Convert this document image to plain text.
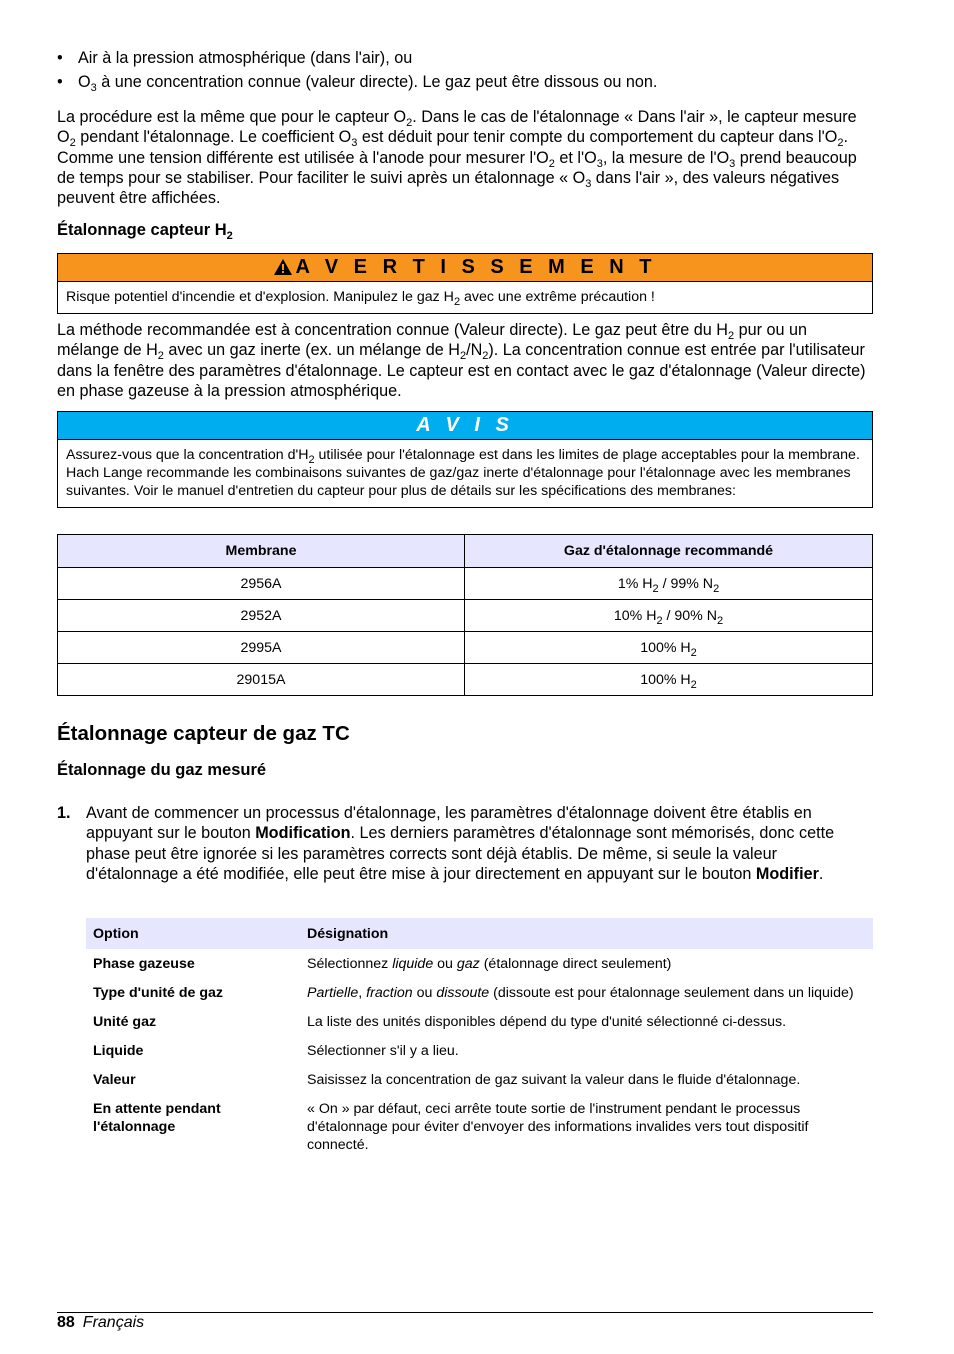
• Air à la pression atmosphérique (dans l'air), ou
• $O_3$ à une concentration connue (valeur directe). Le gaz peut être dissous ou non.
La procédure est la même que pour le capteur $O_2$. Dans le cas de l'étalonnage « Dans l'air », le capteur mesure $O_2$ pendant l'étalonnage. Le coefficient $O_3$ est déduit pour tenir compte du comportement du capteur dans $l'O_2$. Comme une tension différente est utilisée à l'anode pour mesurer $l'O_2$ et $l'O_3$, la mesure de $l'O_3$ prend beaucoup de temps pour se stabiliser. Pour faciliter le suivi après un étalonnage « $O_3$ dans l'air », des valeurs négatives peuvent être affichées.
Étalonnage capteur $H_2$
A V E R T I S S E M E N T
Risque potentiel d'incendie et d'explosion. Manipulez le gaz $H_2$ avec une extrême précaution !
La méthode recommandée est à concentration connue (Valeur directe). Le gaz peut être du $H_2$ pur ou un mélange de $H_2$ avec un gaz inerte (ex. un mélange de $H_2/N_2$). La concentration connue est entrée par l'utilisateur dans la fenêtre des paramètres d'étalonnage. Le capteur est en contact avec le gaz d'étalonnage (Valeur directe) en phase gazeuse à la pression atmosphérique.
A V I S
Assurez-vous que la concentration $d'H_2$ utilisée pour l'étalonnage est dans les limites de plage acceptables pour la membrane. Hach Lange recommande les combinaisons suivantes de gaz/gaz inerte d'étalonnage pour l'étalonnage avec les membranes suivantes. Voir le manuel d'entretien du capteur pour plus de détails sur les spécifications des membranes:
Membrane	Gaz d'étalonnage recommandé
2956A	1% $H_2 / 99\%$ $N_2$
2952A	10% $H_2 / 90\%$ $N_2$
2995A	100% $H_2$
29015A	100% $H_2$
Étalonnage capteur de gaz TC
Étalonnage du gaz mesuré
1. Avant de commencer un processus d'étalonnage, les paramètres d'étalonnage doivent être établis en appuyant sur le bouton Modification. Les derniers paramètres d'étalonnage sont mémorisés, donc cette phase peut être ignorée si les paramètres corrects sont déjà établis. De même, si seule la valeur d'étalonnage a été modifiée, elle peut être mise à jour directement en appuyant sur le bouton Modifier.
Option	Désignation
Phase gazeuse	Sélectionnez liquide ou gaz (étalonnage direct seulement)
Type d'unité de gaz	Partielle, fraction ou dissoute (dissoute est pour étalonnage seulement dans un liquide)
Unité gaz	La liste des unités disponibles dépend du type d'unité sélectionné ci-dessus.
Liquide	Sélectionner s'il y a lieu.
Valeur	Saisissez la concentration de gaz suivant la valeur dans le fluide d'étalonnage.
En attente pendant l'étalonnage	« On » par défaut, ceci arrête toute sortie de l'instrument pendant le processus d'étalonnage pour éviter d'envoyer des informations invalides vers tout dispositif connecté.
88 Français
